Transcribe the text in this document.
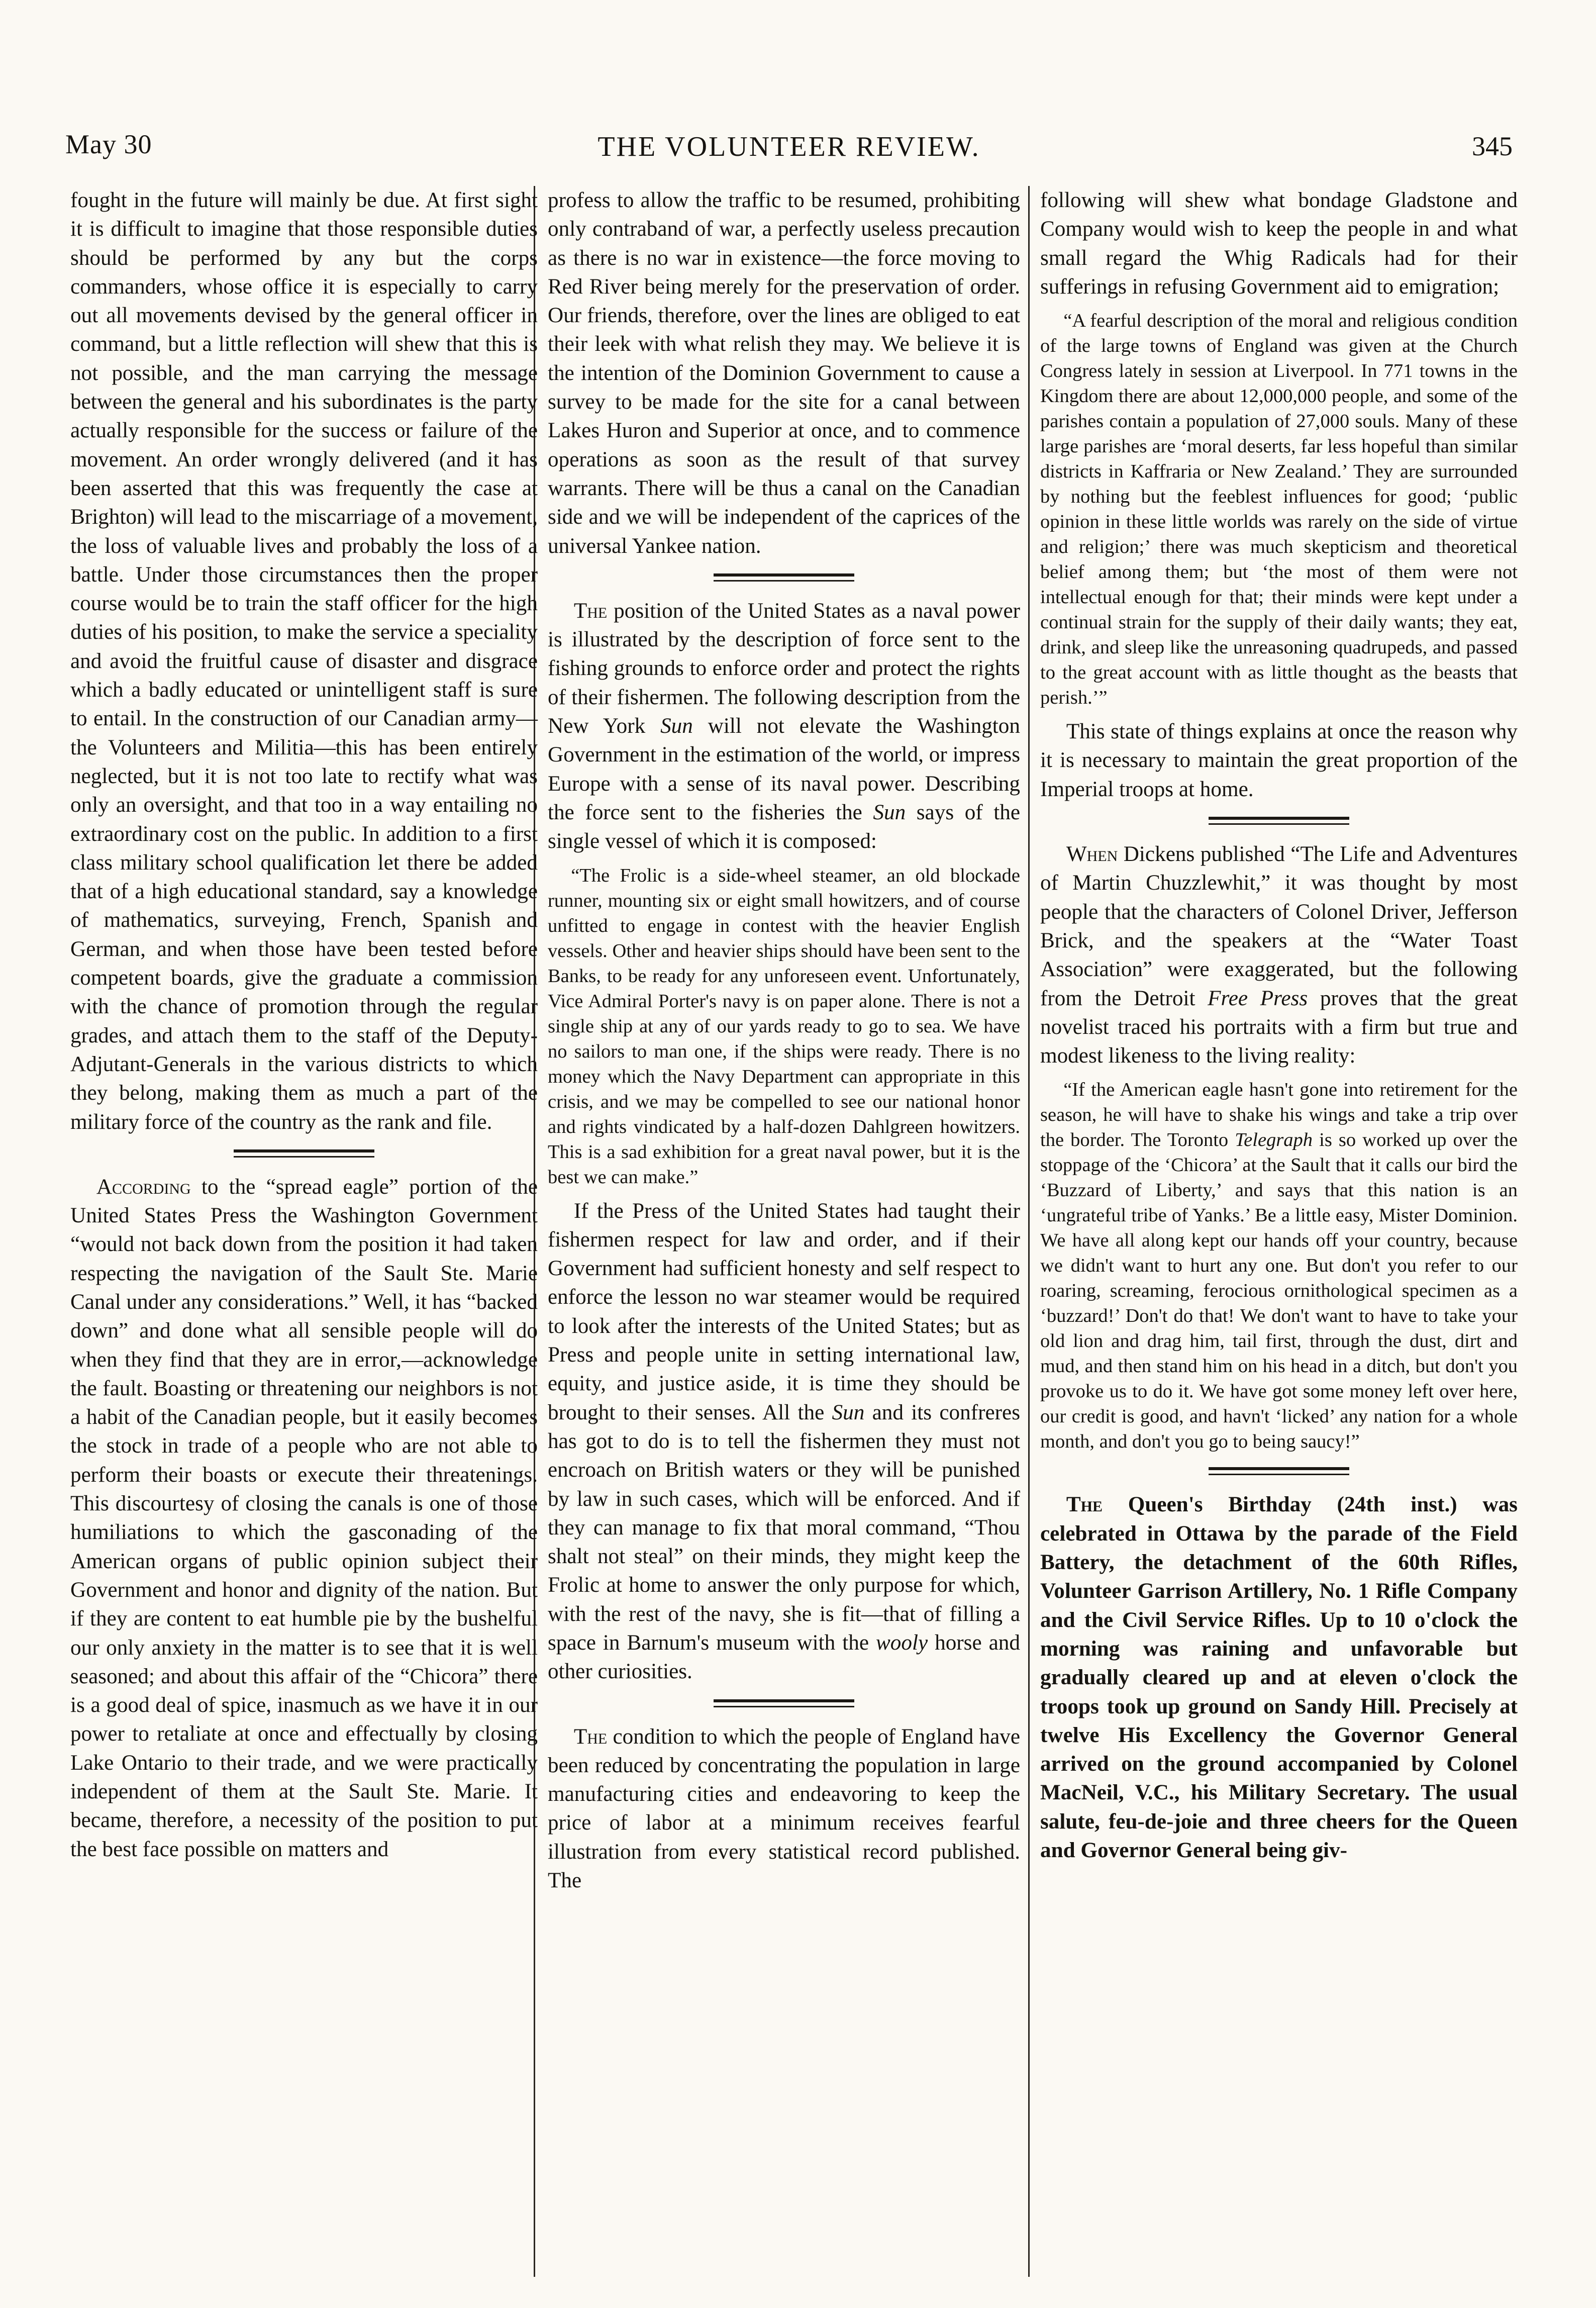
May 30	THE VOLUNTEER REVIEW.	345

fought in the future will mainly be due. At first sight it is difficult to imagine that those responsible duties should be performed by any but the corps commanders, whose office it is especially to carry out all movements devised by the general officer in command, but a little reflection will shew that this is not possible, and the man carrying the message between the general and his subordinates is the party actually responsible for the success or failure of the movement. An order wrongly delivered (and it has been asserted that this was frequently the case at Brighton) will lead to the miscarriage of a movement, the loss of valuable lives and probably the loss of a battle. Under those circumstances then the proper course would be to train the staff officer for the high duties of his position, to make the service a speciality and avoid the fruitful cause of disaster and disgrace which a badly educated or unintelligent staff is sure to entail. In the construction of our Canadian army—the Volunteers and Militia—this has been entirely neglected, but it is not too late to rectify what was only an oversight, and that too in a way entailing no extraordinary cost on the public. In addition to a first class military school qualification let there be added that of a high educational standard, say a knowledge of mathematics, surveying, French, Spanish and German, and when those have been tested before competent boards, give the graduate a commission with the chance of promotion through the regular grades, and attach them to the staff of the Deputy-Adjutant-Generals in the various districts to which they belong, making them as much a part of the military force of the country as the rank and file.

According to the “spread eagle” portion of the United States Press the Washington Government “would not back down from the position it had taken respecting the navigation of the Sault Ste. Marie Canal under any considerations.” Well, it has “backed down” and done what all sensible people will do when they find that they are in error,—acknowledge the fault. Boasting or threatening our neighbors is not a habit of the Canadian people, but it easily becomes the stock in trade of a people who are not able to perform their boasts or execute their threatenings. This discourtesy of closing the canals is one of those humiliations to which the gasconading of the American organs of public opinion subject their Government and honor and dignity of the nation. But if they are content to eat humble pie by the bushelful our only anxiety in the matter is to see that it is well seasoned; and about this affair of the “Chicora” there is a good deal of spice, inasmuch as we have it in our power to retaliate at once and effectually by closing Lake Ontario to their trade, and we were practically independent of them at the Sault Ste. Marie. It became, therefore, a necessity of the position to put the best face possible on matters and

profess to allow the traffic to be resumed, prohibiting only contraband of war, a perfectly useless precaution as there is no war in existence—the force moving to Red River being merely for the preservation of order. Our friends, therefore, over the lines are obliged to eat their leek with what relish they may. We believe it is the intention of the Dominion Government to cause a survey to be made for the site for a canal between Lakes Huron and Superior at once, and to commence operations as soon as the result of that survey warrants. There will be thus a canal on the Canadian side and we will be independent of the caprices of the universal Yankee nation.

The position of the United States as a naval power is illustrated by the description of force sent to the fishing grounds to enforce order and protect the rights of their fishermen. The following description from the New York Sun will not elevate the Washington Government in the estimation of the world, or impress Europe with a sense of its naval power. Describing the force sent to the fisheries the Sun says of the single vessel of which it is composed:

“The Frolic is a side-wheel steamer, an old blockade runner, mounting six or eight small howitzers, and of course unfitted to engage in contest with the heavier English vessels. Other and heavier ships should have been sent to the Banks, to be ready for any unforeseen event. Unfortunately, Vice Admiral Porter's navy is on paper alone. There is not a single ship at any of our yards ready to go to sea. We have no sailors to man one, if the ships were ready. There is no money which the Navy Department can appropriate in this crisis, and we may be compelled to see our national honor and rights vindicated by a half-dozen Dahlgreen howitzers. This is a sad exhibition for a great naval power, but it is the best we can make.”

If the Press of the United States had taught their fishermen respect for law and order, and if their Government had sufficient honesty and self respect to enforce the lesson no war steamer would be required to look after the interests of the United States; but as Press and people unite in setting international law, equity, and justice aside, it is time they should be brought to their senses. All the Sun and its confreres has got to do is to tell the fishermen they must not encroach on British waters or they will be punished by law in such cases, which will be enforced. And if they can manage to fix that moral command, “Thou shalt not steal” on their minds, they might keep the Frolic at home to answer the only purpose for which, with the rest of the navy, she is fit—that of filling a space in Barnum's museum with the wooly horse and other curiosities.

The condition to which the people of England have been reduced by concentrating the population in large manufacturing cities and endeavoring to keep the price of labor at a minimum receives fearful illustration from every statistical record published. The

following will shew what bondage Gladstone and Company would wish to keep the people in and what small regard the Whig Radicals had for their sufferings in refusing Government aid to emigration;

“A fearful description of the moral and religious condition of the large towns of England was given at the Church Congress lately in session at Liverpool. In 771 towns in the Kingdom there are about 12,000,000 people, and some of the parishes contain a population of 27,000 souls. Many of these large parishes are ‘moral deserts, far less hopeful than similar districts in Kaffraria or New Zealand.’ They are surrounded by nothing but the feeblest influences for good; ‘public opinion in these little worlds was rarely on the side of virtue and religion;’ there was much skepticism and theoretical belief among them; but ‘the most of them were not intellectual enough for that; their minds were kept under a continual strain for the supply of their daily wants; they eat, drink, and sleep like the unreasoning quadrupeds, and passed to the great account with as little thought as the beasts that perish.’”

This state of things explains at once the reason why it is necessary to maintain the great proportion of the Imperial troops at home.

When Dickens published “The Life and Adventures of Martin Chuzzlewhit,” it was thought by most people that the characters of Colonel Driver, Jefferson Brick, and the speakers at the “Water Toast Association” were exaggerated, but the following from the Detroit Free Press proves that the great novelist traced his portraits with a firm but true and modest likeness to the living reality:

“If the American eagle hasn't gone into retirement for the season, he will have to shake his wings and take a trip over the border. The Toronto Telegraph is so worked up over the stoppage of the ‘Chicora’ at the Sault that it calls our bird the ‘Buzzard of Liberty,’ and says that this nation is an ‘ungrateful tribe of Yanks.’ Be a little easy, Mister Dominion. We have all along kept our hands off your country, because we didn't want to hurt any one. But don't you refer to our roaring, screaming, ferocious ornithological specimen as a ‘buzzard!’ Don't do that! We don't want to have to take your old lion and drag him, tail first, through the dust, dirt and mud, and then stand him on his head in a ditch, but don't you provoke us to do it. We have got some money left over here, our credit is good, and havn't ‘licked’ any nation for a whole month, and don't you go to being saucy!”

The Queen's Birthday (24th inst.) was celebrated in Ottawa by the parade of the Field Battery, the detachment of the 60th Rifles, Volunteer Garrison Artillery, No. 1 Rifle Company and the Civil Service Rifles. Up to 10 o'clock the morning was raining and unfavorable but gradually cleared up and at eleven o'clock the troops took up ground on Sandy Hill. Precisely at twelve His Excellency the Governor General arrived on the ground accompanied by Colonel MacNeil, V.C., his Military Secretary. The usual salute, feu-de-joie and three cheers for the Queen and Governor General being giv-
